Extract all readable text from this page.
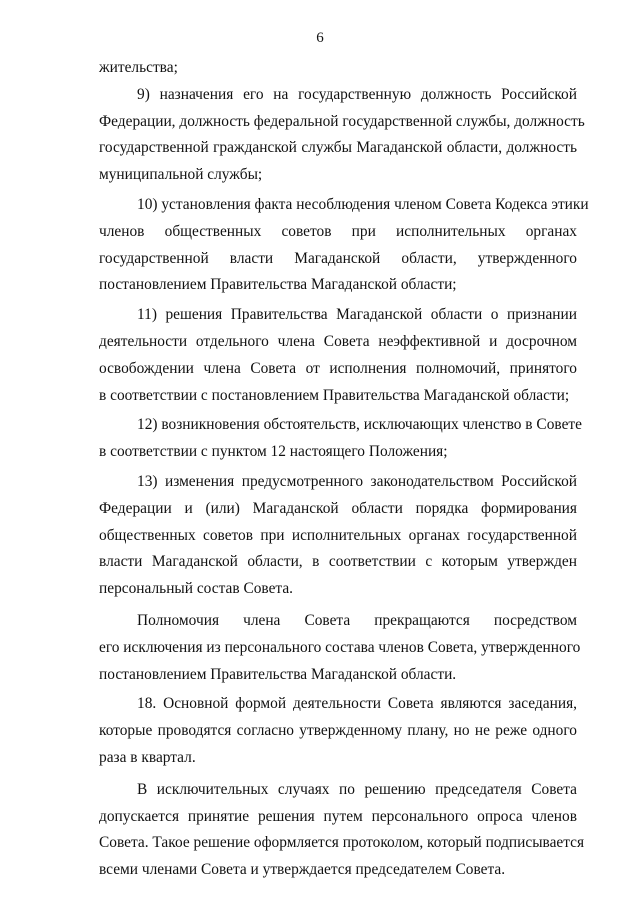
6
жительства;
9) назначения его на государственную должность Российской
Федерации, должность федеральной государственной службы, должность
государственной гражданской службы Магаданской области, должность
муниципальной службы;
10) установления факта несоблюдения членом Совета Кодекса этики
членов общественных советов при исполнительных органах
государственной власти Магаданской области, утвержденного
постановлением Правительства Магаданской области;
11) решения Правительства Магаданской области о признании
деятельности отдельного члена Совета неэффективной и досрочном
освобождении члена Совета от исполнения полномочий, принятого
в соответствии с постановлением Правительства Магаданской области;
12) возникновения обстоятельств, исключающих членство в Совете
в соответствии с пунктом 12 настоящего Положения;
13) изменения предусмотренного законодательством Российской
Федерации и (или) Магаданской области порядка формирования
общественных советов при исполнительных органах государственной
власти Магаданской области, в соответствии с которым утвержден
персональный состав Совета.
Полномочия члена Совета прекращаются посредством
его исключения из персонального состава членов Совета, утвержденного
постановлением Правительства Магаданской области.
18. Основной формой деятельности Совета являются заседания,
которые проводятся согласно утвержденному плану, но не реже одного
раза в квартал.
В исключительных случаях по решению председателя Совета
допускается принятие решения путем персонального опроса членов
Совета. Такое решение оформляется протоколом, который подписывается
всеми членами Совета и утверждается председателем Совета.
